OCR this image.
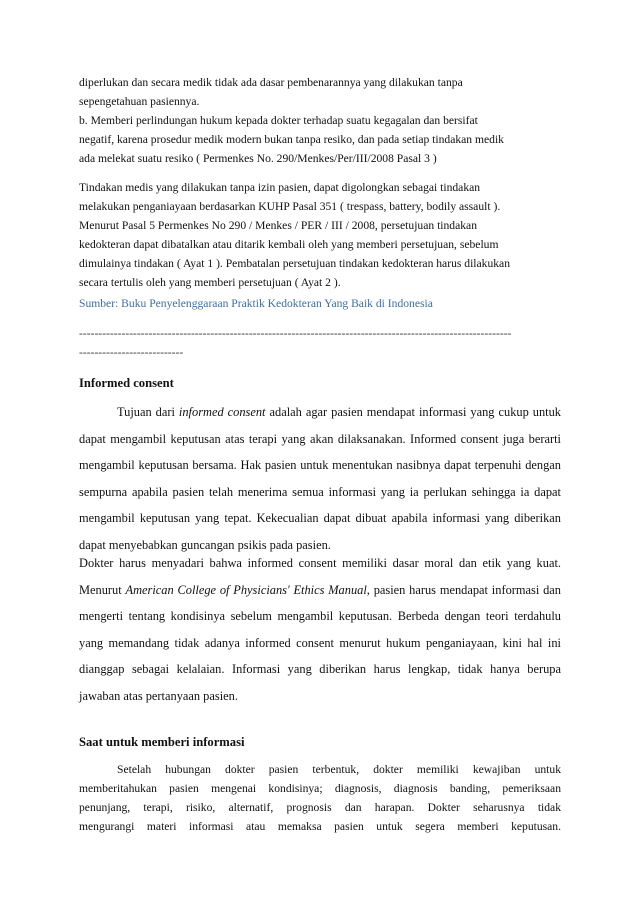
diperlukan dan secara medik tidak ada dasar pembenarannya yang dilakukan tanpa
sepengetahuan pasiennya.
b. Memberi perlindungan hukum kepada dokter terhadap suatu kegagalan dan bersifat
negatif, karena prosedur medik modern bukan tanpa resiko, dan pada setiap tindakan medik
ada melekat suatu resiko ( Permenkes No. 290/Menkes/Per/III/2008 Pasal 3 )
Tindakan medis yang dilakukan tanpa izin pasien, dapat digolongkan sebagai tindakan
melakukan penganiayaan berdasarkan KUHP Pasal 351 ( trespass, battery, bodily assault ).
Menurut Pasal 5 Permenkes No 290 / Menkes / PER / III / 2008, persetujuan tindakan
kedokteran dapat dibatalkan atau ditarik kembali oleh yang memberi persetujuan, sebelum
dimulainya tindakan ( Ayat 1 ). Pembatalan persetujuan tindakan kedokteran harus dilakukan
secara tertulis oleh yang memberi persetujuan ( Ayat 2 ).
Sumber: Buku Penyelenggaraan Praktik Kedokteran Yang Baik di Indonesia
----------------------------------------------------------------------------------------------------------------
---------------------------
Informed consent

Tujuan dari informed consent adalah agar pasien mendapat informasi yang cukup untuk dapat mengambil keputusan atas terapi yang akan dilaksanakan. Informed consent juga berarti mengambil keputusan bersama. Hak pasien untuk menentukan nasibnya dapat terpenuhi dengan sempurna apabila pasien telah menerima semua informasi yang ia perlukan sehingga ia dapat mengambil keputusan yang tepat. Kekecualian dapat dibuat apabila informasi yang diberikan dapat menyebabkan guncangan psikis pada pasien.

Dokter harus menyadari bahwa informed consent memiliki dasar moral dan etik yang kuat. Menurut American College of Physicians' Ethics Manual, pasien harus mendapat informasi dan mengerti tentang kondisinya sebelum mengambil keputusan. Berbeda dengan teori terdahulu yang memandang tidak adanya informed consent menurut hukum penganiayaan, kini hal ini dianggap sebagai kelalaian. Informasi yang diberikan harus lengkap, tidak hanya berupa jawaban atas pertanyaan pasien.

Saat untuk memberi informasi
Setelah hubungan dokter pasien terbentuk, dokter memiliki kewajiban untuk
memberitahukan pasien mengenai kondisinya; diagnosis, diagnosis banding, pemeriksaan
penunjang, terapi, risiko, alternatif, prognosis dan harapan. Dokter seharusnya tidak
mengurangi materi informasi atau memaksa pasien untuk segera memberi keputusan.
